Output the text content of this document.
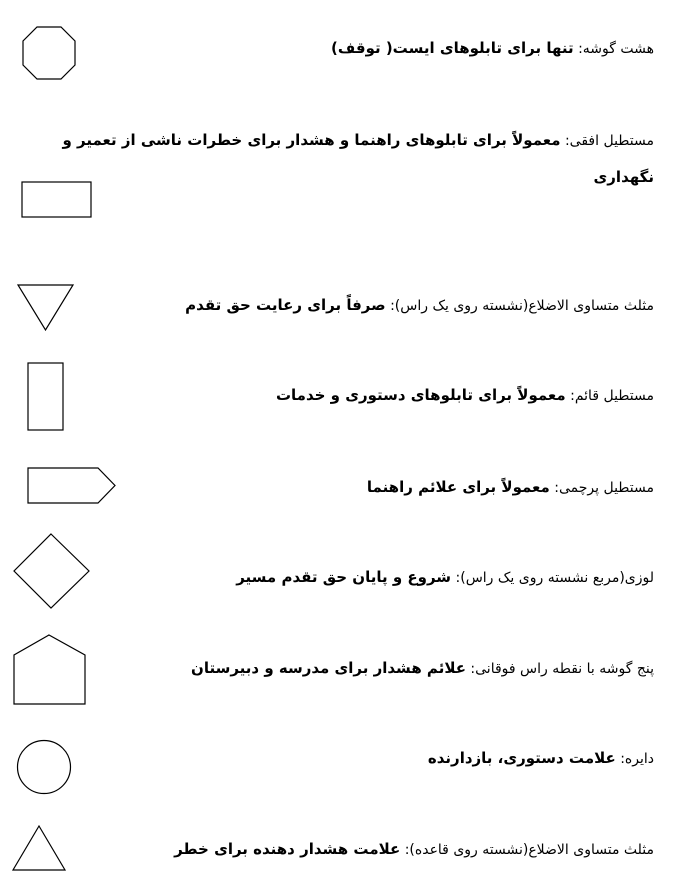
هشت گوشه: تنها برای تابلوهای ایست( توقف)
مستطیل افقی: معمولاً برای تابلوهای راهنما و هشدار برای خطرات ناشی از تعمیر و نگهداری
مثلث متساوی الاضلاع(نشسته روی یک راس): صرفاً برای رعایت حق تقدم
مستطیل قائم: معمولاً برای تابلوهای دستوری و خدمات
مستطیل پرچمی: معمولاً برای علائم راهنما
لوزی(مربع نشسته روی یک راس): شروع و پایان حق تقدم مسیر
پنج گوشه با نقطه راس فوقانی: علائم هشدار برای مدرسه و دبیرستان
دایره: علامت دستوری، بازدارنده
مثلث متساوی الاضلاع(نشسته روی قاعده): علامت هشدار دهنده برای خطر
